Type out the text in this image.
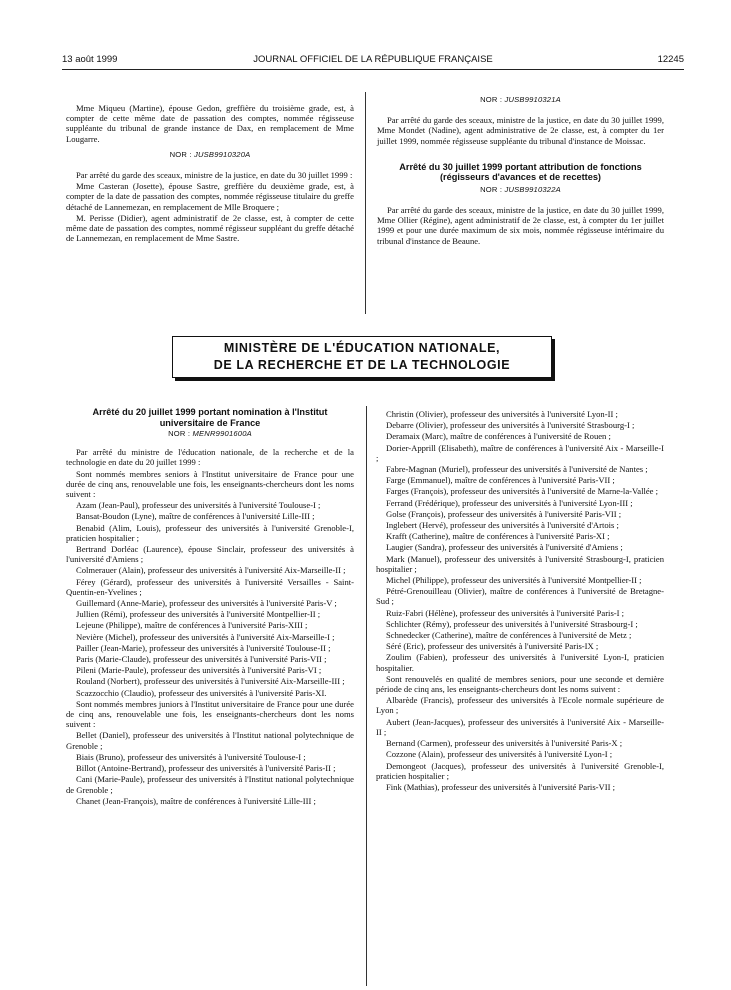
13 août 1999	JOURNAL OFFICIEL DE LA RÉPUBLIQUE FRANÇAISE	12245

Mme Miqueu (Martine), épouse Gedon, greffière du troisième grade, est, à compter de cette même date de passation des comptes, nommée régisseuse suppléante du tribunal de grande instance de Dax, en remplacement de Mme Lougarre.

NOR : JUSB9910320A

Par arrêté du garde des sceaux, ministre de la justice, en date du 30 juillet 1999 :

Mme Casteran (Josette), épouse Sastre, greffière du deuxième grade, est, à compter de la date de passation des comptes, nommée régisseuse titulaire du greffe détaché de Lannemezan, en remplacement de Mlle Broquere ;

M. Perisse (Didier), agent administratif de 2e classe, est, à compter de cette même date de passation des comptes, nommé régisseur suppléant du greffe détaché de Lannemezan, en remplacement de Mme Sastre.

NOR : JUSB9910321A

Par arrêté du garde des sceaux, ministre de la justice, en date du 30 juillet 1999, Mme Mondet (Nadine), agent administrative de 2e classe, est, à compter du 1er juillet 1999, nommée régisseuse suppléante du tribunal d'instance de Moissac.

Arrêté du 30 juillet 1999 portant attribution de fonctions (régisseurs d'avances et de recettes)

NOR : JUSB9910322A

Par arrêté du garde des sceaux, ministre de la justice, en date du 30 juillet 1999, Mme Ollier (Régine), agent administratif de 2e classe, est, à compter du 1er juillet 1999 et pour une durée maximum de six mois, nommée régisseuse intérimaire du tribunal d'instance de Beaune.

MINISTÈRE DE L'ÉDUCATION NATIONALE,
DE LA RECHERCHE ET DE LA TECHNOLOGIE

Arrêté du 20 juillet 1999 portant nomination à l'Institut universitaire de France

NOR : MENR9901600A

Par arrêté du ministre de l'éducation nationale, de la recherche et de la technologie en date du 20 juillet 1999 :

Sont nommés membres seniors à l'Institut universitaire de France pour une durée de cinq ans, renouvelable une fois, les enseignants-chercheurs dont les noms suivent :

Azam (Jean-Paul), professeur des universités à l'université Toulouse-I ;

Bansat-Boudon (Lyne), maître de conférences à l'université Lille-III ;

Benabid (Alim, Louis), professeur des universités à l'université Grenoble-I, praticien hospitalier ;

Bertrand Dorléac (Laurence), épouse Sinclair, professeur des universités à l'université d'Amiens ;

Colmerauer (Alain), professeur des universités à l'université Aix-Marseille-II ;

Férey (Gérard), professeur des universités à l'université Versailles - Saint-Quentin-en-Yvelines ;

Guillemard (Anne-Marie), professeur des universités à l'université Paris-V ;

Jullien (Rémi), professeur des universités à l'université Montpellier-II ;

Lejeune (Philippe), maître de conférences à l'université Paris-XIII ;

Nevière (Michel), professeur des universités à l'université Aix-Marseille-I ;

Pailler (Jean-Marie), professeur des universités à l'université Toulouse-II ;

Paris (Marie-Claude), professeur des universités à l'université Paris-VII ;

Pileni (Marie-Paule), professeur des universités à l'université Paris-VI ;

Rouland (Norbert), professeur des universités à l'université Aix-Marseille-III ;

Scazzocchio (Claudio), professeur des universités à l'université Paris-XI.

Sont nommés membres juniors à l'Institut universitaire de France pour une durée de cinq ans, renouvelable une fois, les enseignants-chercheurs dont les noms suivent :

Bellet (Daniel), professeur des universités à l'Institut national polytechnique de Grenoble ;

Biais (Bruno), professeur des universités à l'université Toulouse-I ;

Billot (Antoine-Bertrand), professeur des universités à l'université Paris-II ;

Cani (Marie-Paule), professeur des universités à l'Institut national polytechnique de Grenoble ;

Chanet (Jean-François), maître de conférences à l'université Lille-III ;

Christin (Olivier), professeur des universités à l'université Lyon-II ;

Debarre (Olivier), professeur des universités à l'université Strasbourg-I ;

Deramaix (Marc), maître de conférences à l'université de Rouen ;

Dorier-Apprill (Elisabeth), maître de conférences à l'université Aix - Marseille-I ;

Fabre-Magnan (Muriel), professeur des universités à l'université de Nantes ;

Farge (Emmanuel), maître de conférences à l'université Paris-VII ;

Farges (François), professeur des universités à l'université de Marne-la-Vallée ;

Ferrand (Frédérique), professeur des universités à l'université Lyon-III ;

Golse (François), professeur des universités à l'université Paris-VII ;

Inglebert (Hervé), professeur des universités à l'université d'Artois ;

Krafft (Catherine), maître de conférences à l'université Paris-XI ;

Laugier (Sandra), professeur des universités à l'université d'Amiens ;

Mark (Manuel), professeur des universités à l'université Strasbourg-I, praticien hospitalier ;

Michel (Philippe), professeur des universités à l'université Montpellier-II ;

Pétré-Grenouilleau (Olivier), maître de conférences à l'université de Bretagne-Sud ;

Ruiz-Fabri (Hélène), professeur des universités à l'université Paris-I ;

Schlichter (Rémy), professeur des universités à l'université Strasbourg-I ;

Schnedecker (Catherine), maître de conférences à l'université de Metz ;

Séré (Eric), professeur des universités à l'université Paris-IX ;

Zoulim (Fabien), professeur des universités à l'université Lyon-I, praticien hospitalier.

Sont renouvelés en qualité de membres seniors, pour une seconde et dernière période de cinq ans, les enseignants-chercheurs dont les noms suivent :

Albarède (Francis), professeur des universités à l'Ecole normale supérieure de Lyon ;

Aubert (Jean-Jacques), professeur des universités à l'université Aix - Marseille-II ;

Bernand (Carmen), professeur des universités à l'université Paris-X ;

Cozzone (Alain), professeur des universités à l'université Lyon-I ;

Demongeot (Jacques), professeur des universités à l'université Grenoble-I, praticien hospitalier ;

Fink (Mathias), professeur des universités à l'université Paris-VII ;
